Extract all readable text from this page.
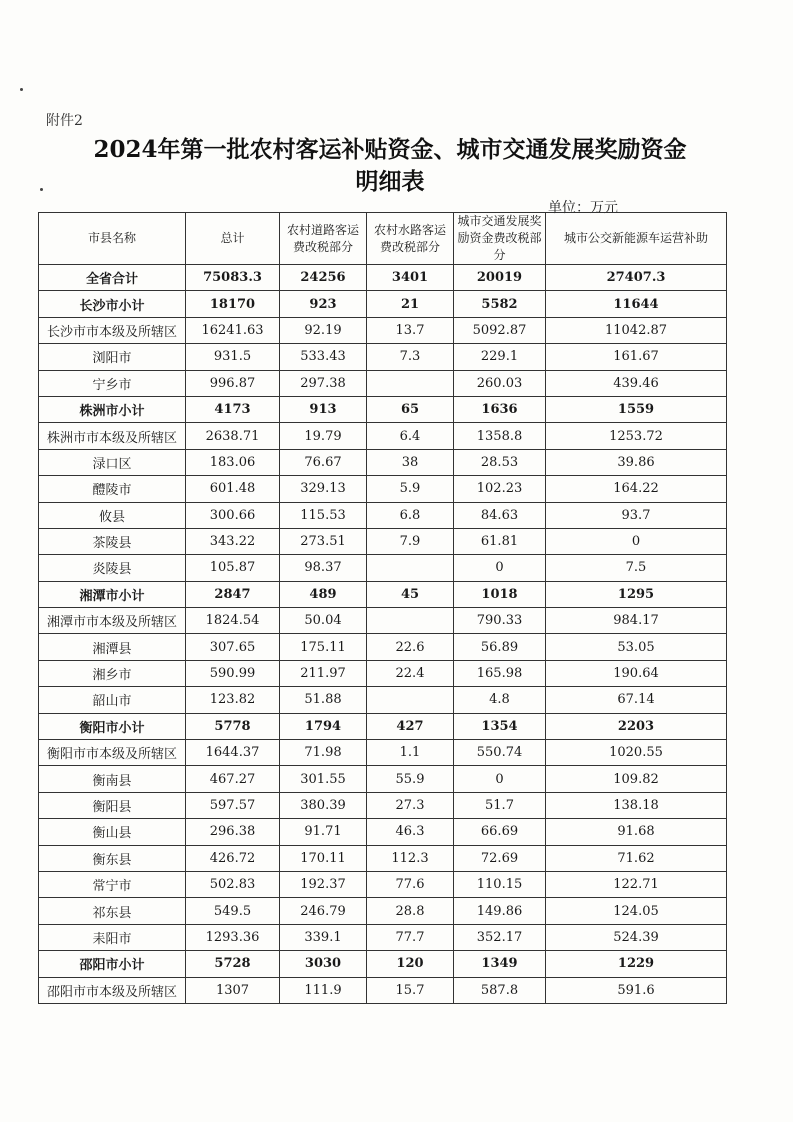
附件2
2024年第一批农村客运补贴资金、城市交通发展奖励资金
明细表
单位：万元
市县名称	总计	农村道路客运费改税部分	农村水路客运费改税部分	城市交通发展奖励资金费改税部分	城市公交新能源车运营补助
全省合计	75083.3	24256	3401	20019	27407.3
长沙市小计	18170	923	21	5582	11644
长沙市市本级及所辖区	16241.63	92.19	13.7	5092.87	11042.87
浏阳市	931.5	533.43	7.3	229.1	161.67
宁乡市	996.87	297.38		260.03	439.46
株洲市小计	4173	913	65	1636	1559
株洲市市本级及所辖区	2638.71	19.79	6.4	1358.8	1253.72
渌口区	183.06	76.67	38	28.53	39.86
醴陵市	601.48	329.13	5.9	102.23	164.22
攸县	300.66	115.53	6.8	84.63	93.7
茶陵县	343.22	273.51	7.9	61.81	0
炎陵县	105.87	98.37		0	7.5
湘潭市小计	2847	489	45	1018	1295
湘潭市市本级及所辖区	1824.54	50.04		790.33	984.17
湘潭县	307.65	175.11	22.6	56.89	53.05
湘乡市	590.99	211.97	22.4	165.98	190.64
韶山市	123.82	51.88		4.8	67.14
衡阳市小计	5778	1794	427	1354	2203
衡阳市市本级及所辖区	1644.37	71.98	1.1	550.74	1020.55
衡南县	467.27	301.55	55.9	0	109.82
衡阳县	597.57	380.39	27.3	51.7	138.18
衡山县	296.38	91.71	46.3	66.69	91.68
衡东县	426.72	170.11	112.3	72.69	71.62
常宁市	502.83	192.37	77.6	110.15	122.71
祁东县	549.5	246.79	28.8	149.86	124.05
耒阳市	1293.36	339.1	77.7	352.17	524.39
邵阳市小计	5728	3030	120	1349	1229
邵阳市市本级及所辖区	1307	111.9	15.7	587.8	591.6
